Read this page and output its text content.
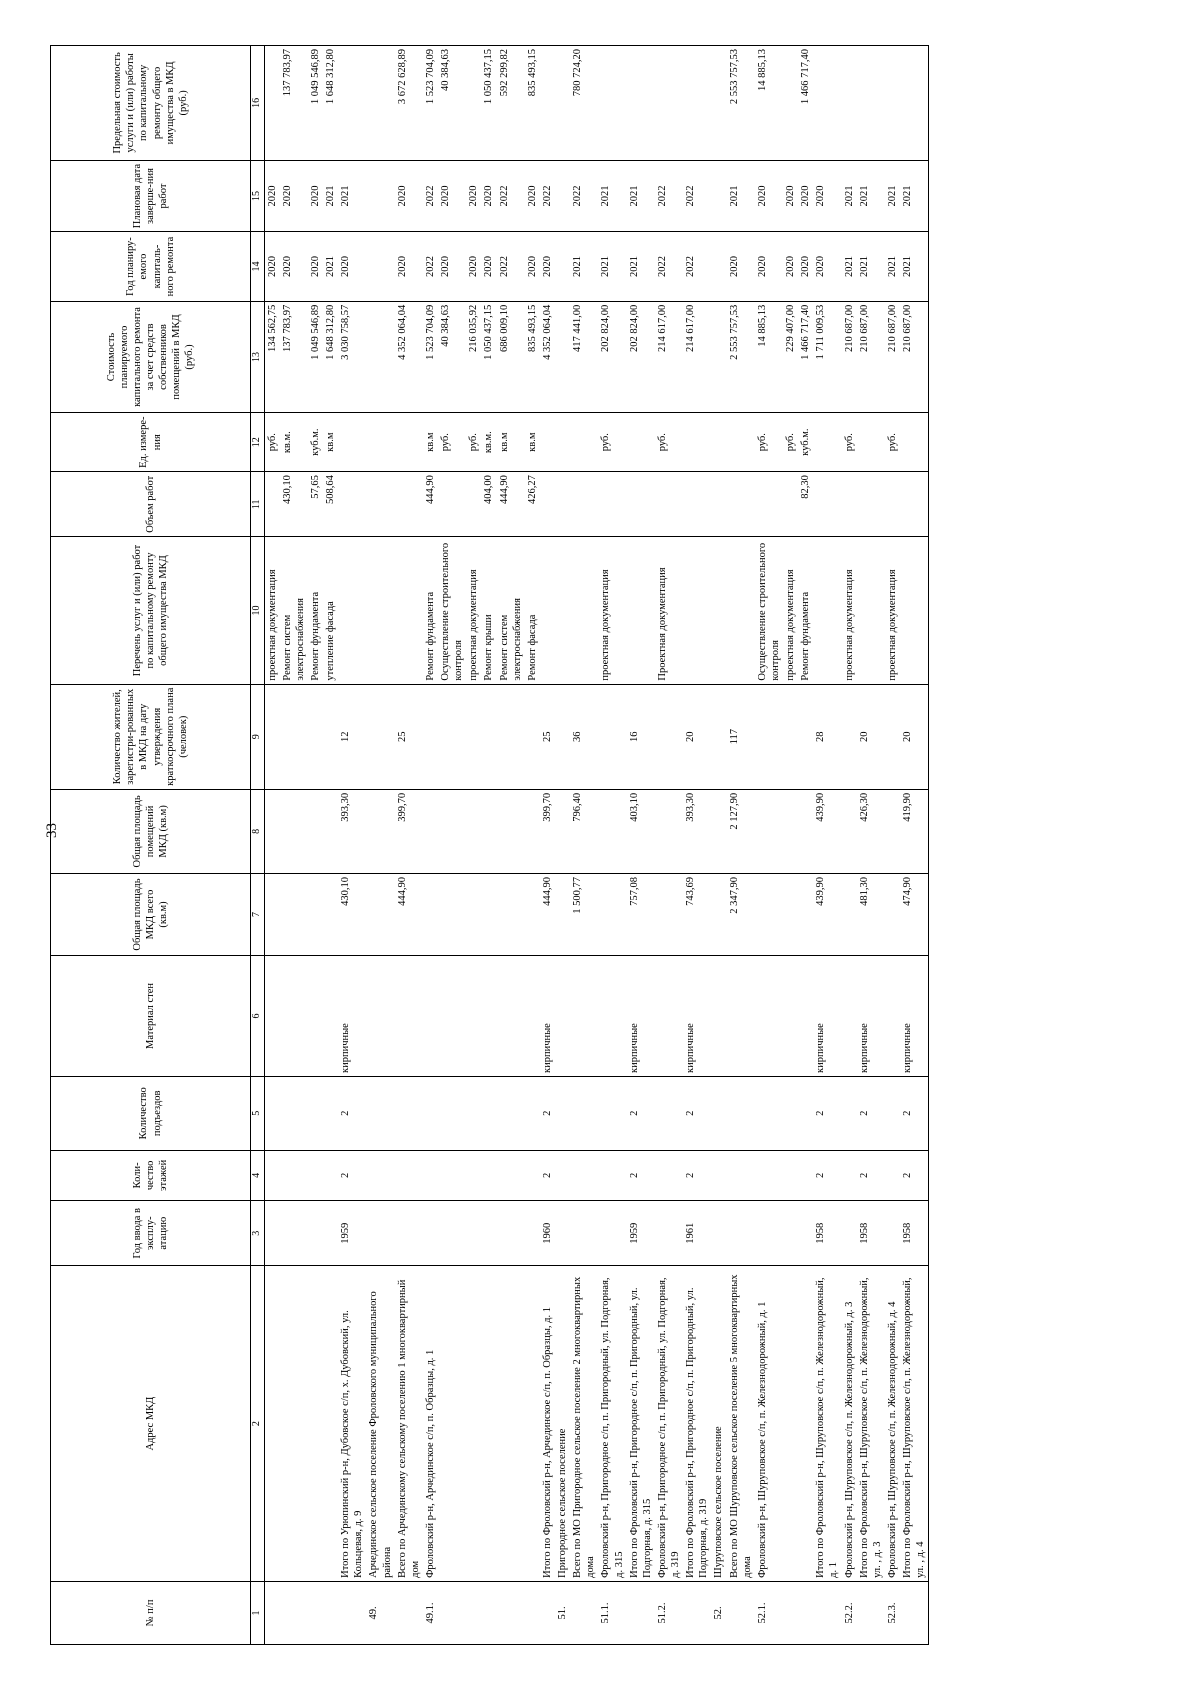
33
№ п/п	Адрес МКД	Год ввода в эксплу-атацию	Коли-чество этажей	Количество подъездов	Материал стен	Общая площадь МКД всего (кв.м)	Общая площадь помещений МКД (кв.м)	Количество жителей, зарегистри-рованных в МКД на дату утверждения краткосрочного плана (человек)	Перечень услуг и (или) работ по капитальному ремонту общего имущества МКД	Объем работ	Ед. измере-ния	Стоимость планируемого капитального ремонта за счет средств собственников помещений в МКД (руб.)	Год планиру-емого капиталь-ного ремонта	Плановая дата заверше-ния работ	Предельная стоимость услуги и (или) работы по капитальному ремонту общего имущества в МКД (руб.)
1	2	3	4	5	6	7	8	9	10	11	12	13	14	15	16
									проектная документация		руб.	134 562,75	2020	2020	
									Ремонт систем электроснабжения	430,10	кв.м.	137 783,97	2020	2020	137 783,97
									Ремонт фундамента	57,65	куб.м.	1 049 546,89	2020	2020	1 049 546,89
									утепление фасада	508,64	кв.м	1 648 312,80	2021	2021	1 648 312,80
	Итого по Урюпинский р-н, Дубовское с/п, х. Дубовский, ул. Кольцевая, д. 9	1959	2	2	кирпичные	430,10	393,30	12				3 030 758,57	2020	2021	
49.	Арчединское сельское поселение Фроловского муниципального района														
	Всего по Арчединскому сельскому поселению 1 многоквартирный дом					444,90	399,70	25				4 352 064,04	2020	2020	3 672 628,89
49.1.	Фроловский р-н, Арчединское с/п, п. Образцы, д. 1								Ремонт фундамента	444,90	кв.м	1 523 704,09	2022	2022	1 523 704,09
									Осуществление строительного контроля		руб.	40 384,63	2020	2020	40 384,63
									проектная документация		руб.	216 035,92	2020	2020	
									Ремонт крыши	404,00	кв.м.	1 050 437,15	2020	2020	1 050 437,15
									Ремонт систем электроснабжения	444,90	кв.м	686 009,10	2022	2022	592 299,82
									Ремонт фасада	426,27	кв.м	835 493,15	2020	2020	835 493,15
	Итого по Фроловский р-н, Арчединское с/п, п. Образцы, д. 1	1960	2	2	кирпичные	444,90	399,70	25				4 352 064,04	2020	2022	
51.	Пригородное сельское поселение														
	Всего по МО Пригородное сельское поселение 2 многоквартирных дома					1 500,77	796,40	36				417 441,00	2021	2022	780 724,20
51.1.	Фроловский р-н, Пригородное с/п, п. Пригородный, ул. Подгорная, д. 315								проектная документация		руб.	202 824,00	2021	2021	
	Итого по Фроловский р-н, Пригородное с/п, п. Пригородный, ул. Подгорная, д. 315	1959	2	2	кирпичные	757,08	403,10	16				202 824,00	2021	2021	
51.2.	Фроловский р-н, Пригородное с/п, п. Пригородный, ул. Подгорная, д. 319								Проектная документация		руб.	214 617,00	2022	2022	
	Итого по Фроловский р-н, Пригородное с/п, п. Пригородный, ул. Подгорная, д. 319	1961	2	2	кирпичные	743,69	393,30	20				214 617,00	2022	2022	
52.	Шуруповское сельское поселение														
	Всего по МО Шуруповское сельское поселение 5 многоквартирных дома					2 347,90	2 127,90	117				2 553 757,53	2020	2021	2 553 757,53
52.1.	Фроловский р-н, Шуруповское с/п, п. Железнодорожный, д. 1								Осуществление строительного контроля		руб.	14 885,13	2020	2020	14 885,13
									проектная документация		руб.	229 407,00	2020	2020	
									Ремонт фундамента	82,30	куб.м.	1 466 717,40	2020	2020	1 466 717,40
	Итого по Фроловский р-н, Шуруповское с/п, п. Железнодорожный, д. 1	1958	2	2	кирпичные	439,90	439,90	28				1 711 009,53	2020	2020	
52.2.	Фроловский р-н, Шуруповское с/п, п. Железнодорожный, д. 3								проектная документация		руб.	210 687,00	2021	2021	
	Итого по Фроловский р-н, Шуруповское с/п, п. Железнодорожный, ул. , д. 3	1958	2	2	кирпичные	481,30	426,30	20				210 687,00	2021	2021	
52.3.	Фроловский р-н, Шуруповское с/п, п. Железнодорожный, д. 4								проектная документация		руб.	210 687,00	2021	2021	
	Итого по Фроловский р-н, Шуруповское с/п, п. Железнодорожный, ул. , д. 4	1958	2	2	кирпичные	474,90	419,90	20				210 687,00	2021	2021	
